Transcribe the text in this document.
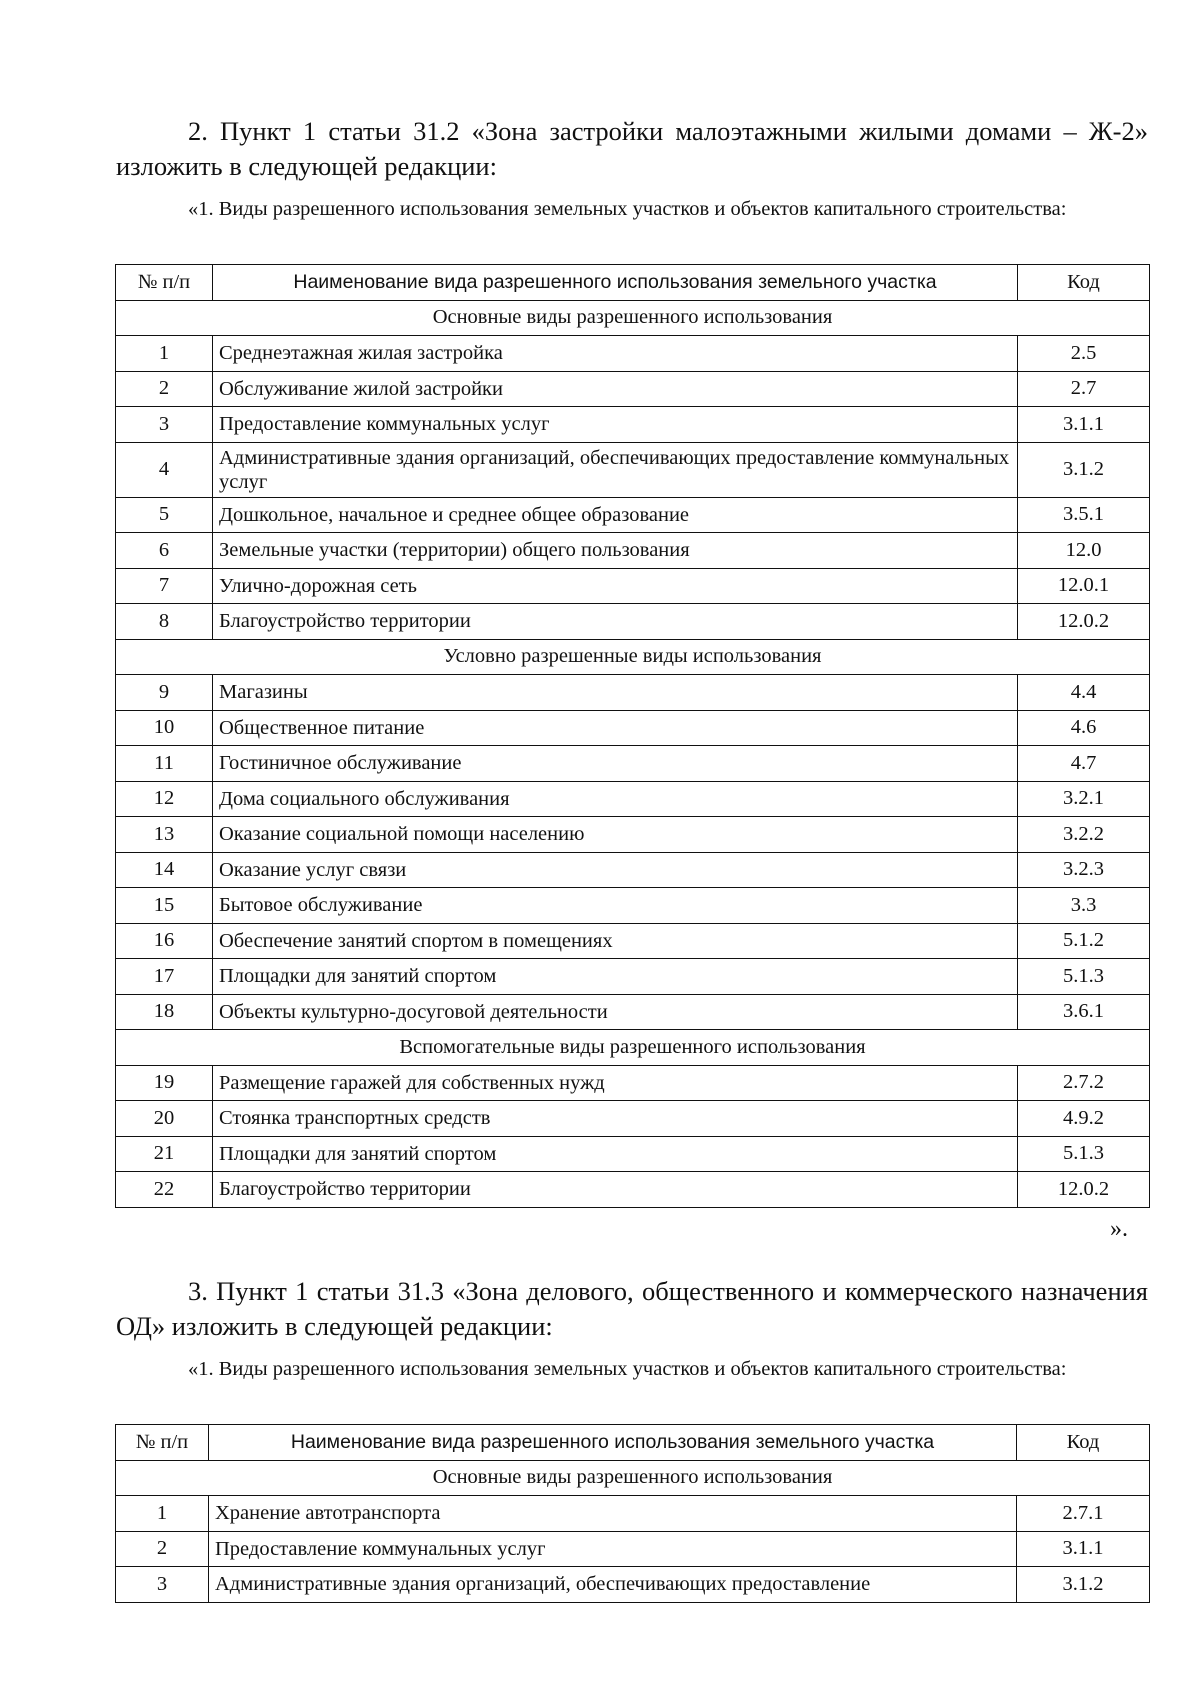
2. Пункт 1 статьи 31.2 «Зона застройки малоэтажными жилыми домами – Ж-2» изложить в следующей редакции:

«1. Виды разрешенного использования земельных участков и объектов капитального строительства:

№ п/п	Наименование вида разрешенного использования земельного участка	Код
Основные виды разрешенного использования		
1	Среднеэтажная жилая застройка	2.5
2	Обслуживание жилой застройки	2.7
3	Предоставление коммунальных услуг	3.1.1
4	Административные здания организаций, обеспечивающих предоставление коммунальных услуг	3.1.2
5	Дошкольное, начальное и среднее общее образование	3.5.1
6	Земельные участки (территории) общего пользования	12.0
7	Улично-дорожная сеть	12.0.1
8	Благоустройство территории	12.0.2
Условно разрешенные виды использования		
9	Магазины	4.4
10	Общественное питание	4.6
11	Гостиничное обслуживание	4.7
12	Дома социального обслуживания	3.2.1
13	Оказание социальной помощи населению	3.2.2
14	Оказание услуг связи	3.2.3
15	Бытовое обслуживание	3.3
16	Обеспечение занятий спортом в помещениях	5.1.2
17	Площадки для занятий спортом	5.1.3
18	Объекты культурно-досуговой деятельности	3.6.1
Вспомогательные виды разрешенного использования		
19	Размещение гаражей для собственных нужд	2.7.2
20	Стоянка транспортных средств	4.9.2
21	Площадки для занятий спортом	5.1.3
22	Благоустройство территории	12.0.2

».

3. Пункт 1 статьи 31.3 «Зона делового, общественного и коммерческого назначения ОД» изложить в следующей редакции:

«1. Виды разрешенного использования земельных участков и объектов капитального строительства:

№ п/п	Наименование вида разрешенного использования земельного участка	Код
Основные виды разрешенного использования		
1	Хранение автотранспорта	2.7.1
2	Предоставление коммунальных услуг	3.1.1
3	Административные здания организаций, обеспечивающих предоставление	3.1.2
